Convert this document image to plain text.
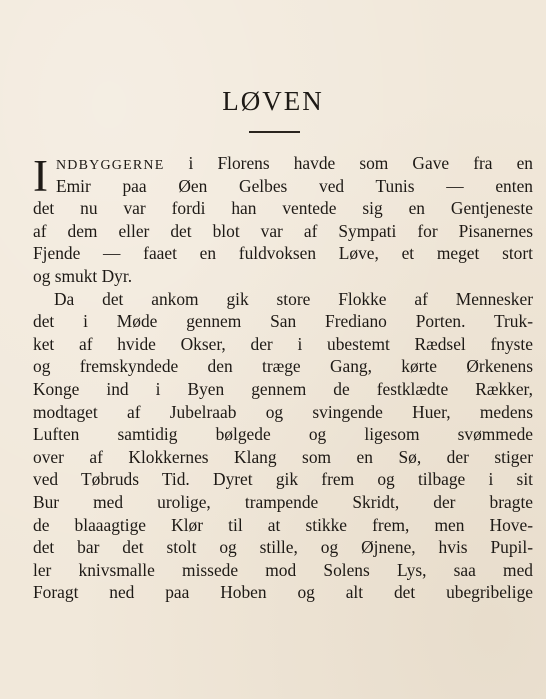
LØVEN
I NDBYGGERNE i Florens havde som Gave fra en
Emir paa Øen Gelbes ved Tunis — enten
det nu var fordi han ventede sig en Gentjeneste
af dem eller det blot var af Sympati for Pisanernes
Fjende — faaet en fuldvoksen Løve, et meget stort
og smukt Dyr.
Da det ankom gik store Flokke af Mennesker
det i Møde gennem San Frediano Porten. Truk-
ket af hvide Okser, der i ubestemt Rædsel fnyste
og fremskyndede den træge Gang, kørte Ørkenens
Konge ind i Byen gennem de festklædte Rækker,
modtaget af Jubelraab og svingende Huer, medens
Luften samtidig bølgede og ligesom svømmede
over af Klokkernes Klang som en Sø, der stiger
ved Tøbruds Tid. Dyret gik frem og tilbage i sit
Bur med urolige, trampende Skridt, der bragte
de blaaagtige Klør til at stikke frem, men Hove-
det bar det stolt og stille, og Øjnene, hvis Pupil-
ler knivsmalle missede mod Solens Lys, saa med
Foragt ned paa Hoben og alt det ubegribelige
